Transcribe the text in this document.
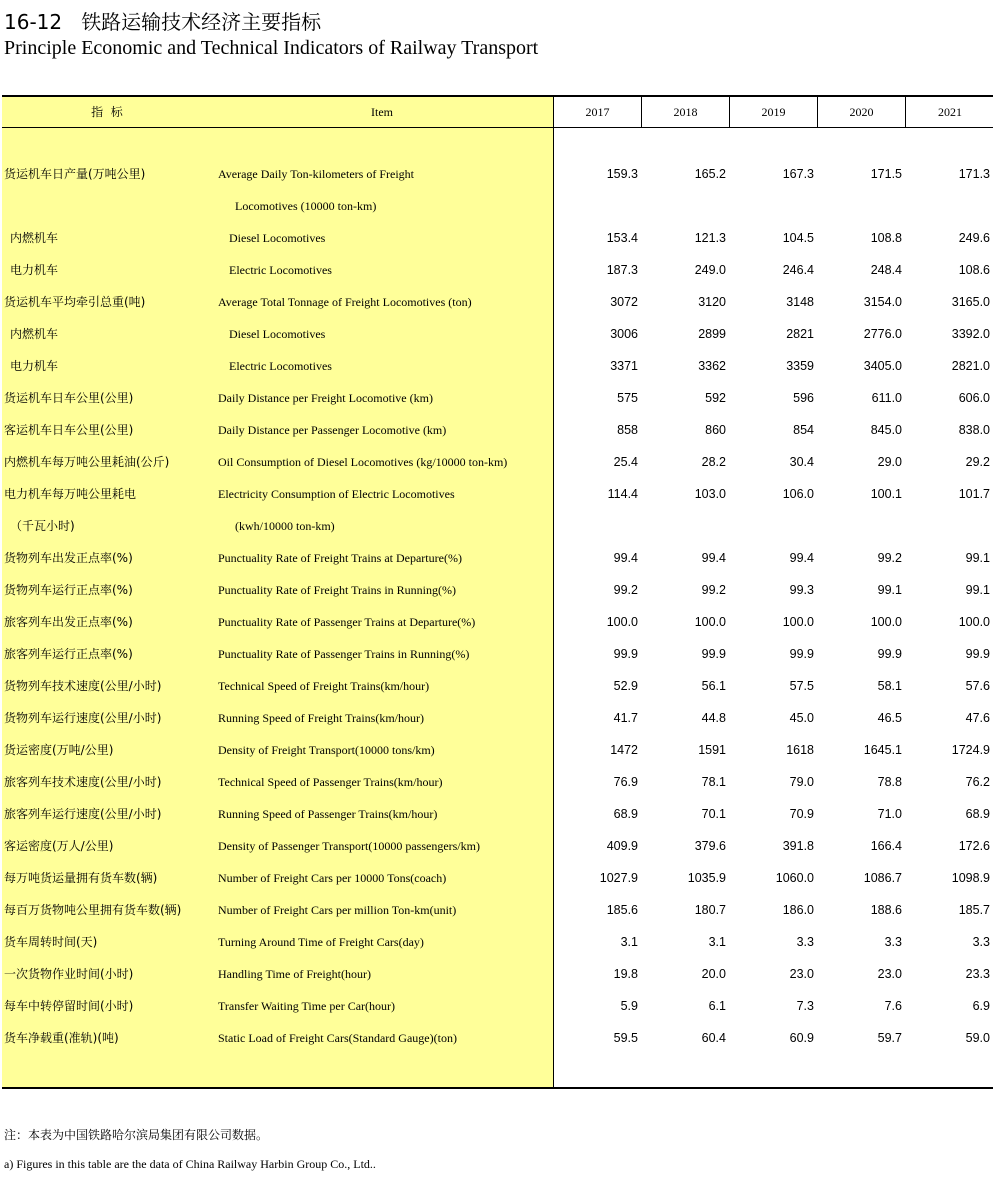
16-12   铁路运输技术经济主要指标
Principle Economic and Technical Indicators of Railway Transport
指  标	Item	2017	2018	2019	2020	2021
货运机车日产量(万吨公里)	Average Daily Ton-kilometers of Freight	159.3	165.2	167.3	171.5	171.3
Locomotives (10000 ton-km)
内燃机车	Diesel Locomotives	153.4	121.3	104.5	108.8	249.6
电力机车	Electric Locomotives	187.3	249.0	246.4	248.4	108.6
货运机车平均牵引总重(吨)	Average Total Tonnage of Freight Locomotives (ton)	3072	3120	3148	3154.0	3165.0
内燃机车	Diesel Locomotives	3006	2899	2821	2776.0	3392.0
电力机车	Electric Locomotives	3371	3362	3359	3405.0	2821.0
货运机车日车公里(公里)	Daily Distance per Freight Locomotive (km)	575	592	596	611.0	606.0
客运机车日车公里(公里)	Daily Distance per Passenger Locomotive (km)	858	860	854	845.0	838.0
内燃机车每万吨公里耗油(公斤)	Oil Consumption of Diesel Locomotives (kg/10000 ton-km)	25.4	28.2	30.4	29.0	29.2
电力机车每万吨公里耗电	Electricity Consumption of Electric Locomotives	114.4	103.0	106.0	100.1	101.7
（千瓦小时)	(kwh/10000 ton-km)
货物列车出发正点率(%)	Punctuality Rate of Freight Trains at Departure(%)	99.4	99.4	99.4	99.2	99.1
货物列车运行正点率(%)	Punctuality Rate of Freight Trains in Running(%)	99.2	99.2	99.3	99.1	99.1
旅客列车出发正点率(%)	Punctuality Rate of Passenger Trains at Departure(%)	100.0	100.0	100.0	100.0	100.0
旅客列车运行正点率(%)	Punctuality Rate of Passenger Trains in Running(%)	99.9	99.9	99.9	99.9	99.9
货物列车技术速度(公里/小时)	Technical Speed of Freight Trains(km/hour)	52.9	56.1	57.5	58.1	57.6
货物列车运行速度(公里/小时)	Running Speed of Freight Trains(km/hour)	41.7	44.8	45.0	46.5	47.6
货运密度(万吨/公里)	Density of Freight Transport(10000 tons/km)	1472	1591	1618	1645.1	1724.9
旅客列车技术速度(公里/小时)	Technical Speed of Passenger Trains(km/hour)	76.9	78.1	79.0	78.8	76.2
旅客列车运行速度(公里/小时)	Running Speed of Passenger Trains(km/hour)	68.9	70.1	70.9	71.0	68.9
客运密度(万人/公里)	Density of Passenger Transport(10000 passengers/km)	409.9	379.6	391.8	166.4	172.6
每万吨货运量拥有货车数(辆)	Number of Freight Cars per 10000 Tons(coach)	1027.9	1035.9	1060.0	1086.7	1098.9
每百万货物吨公里拥有货车数(辆)	Number of Freight Cars per million Ton-km(unit)	185.6	180.7	186.0	188.6	185.7
货车周转时间(天)	Turning Around Time of Freight Cars(day)	3.1	3.1	3.3	3.3	3.3
一次货物作业时间(小时)	Handling Time of Freight(hour)	19.8	20.0	23.0	23.0	23.3
每车中转停留时间(小时)	Transfer Waiting Time per Car(hour)	5.9	6.1	7.3	7.6	6.9
货车净载重(准轨)(吨)	Static Load of Freight Cars(Standard Gauge)(ton)	59.5	60.4	60.9	59.7	59.0
注：本表为中国铁路哈尔滨局集团有限公司数据。
a) Figures in this table are the data of China Railway Harbin Group Co., Ltd..
